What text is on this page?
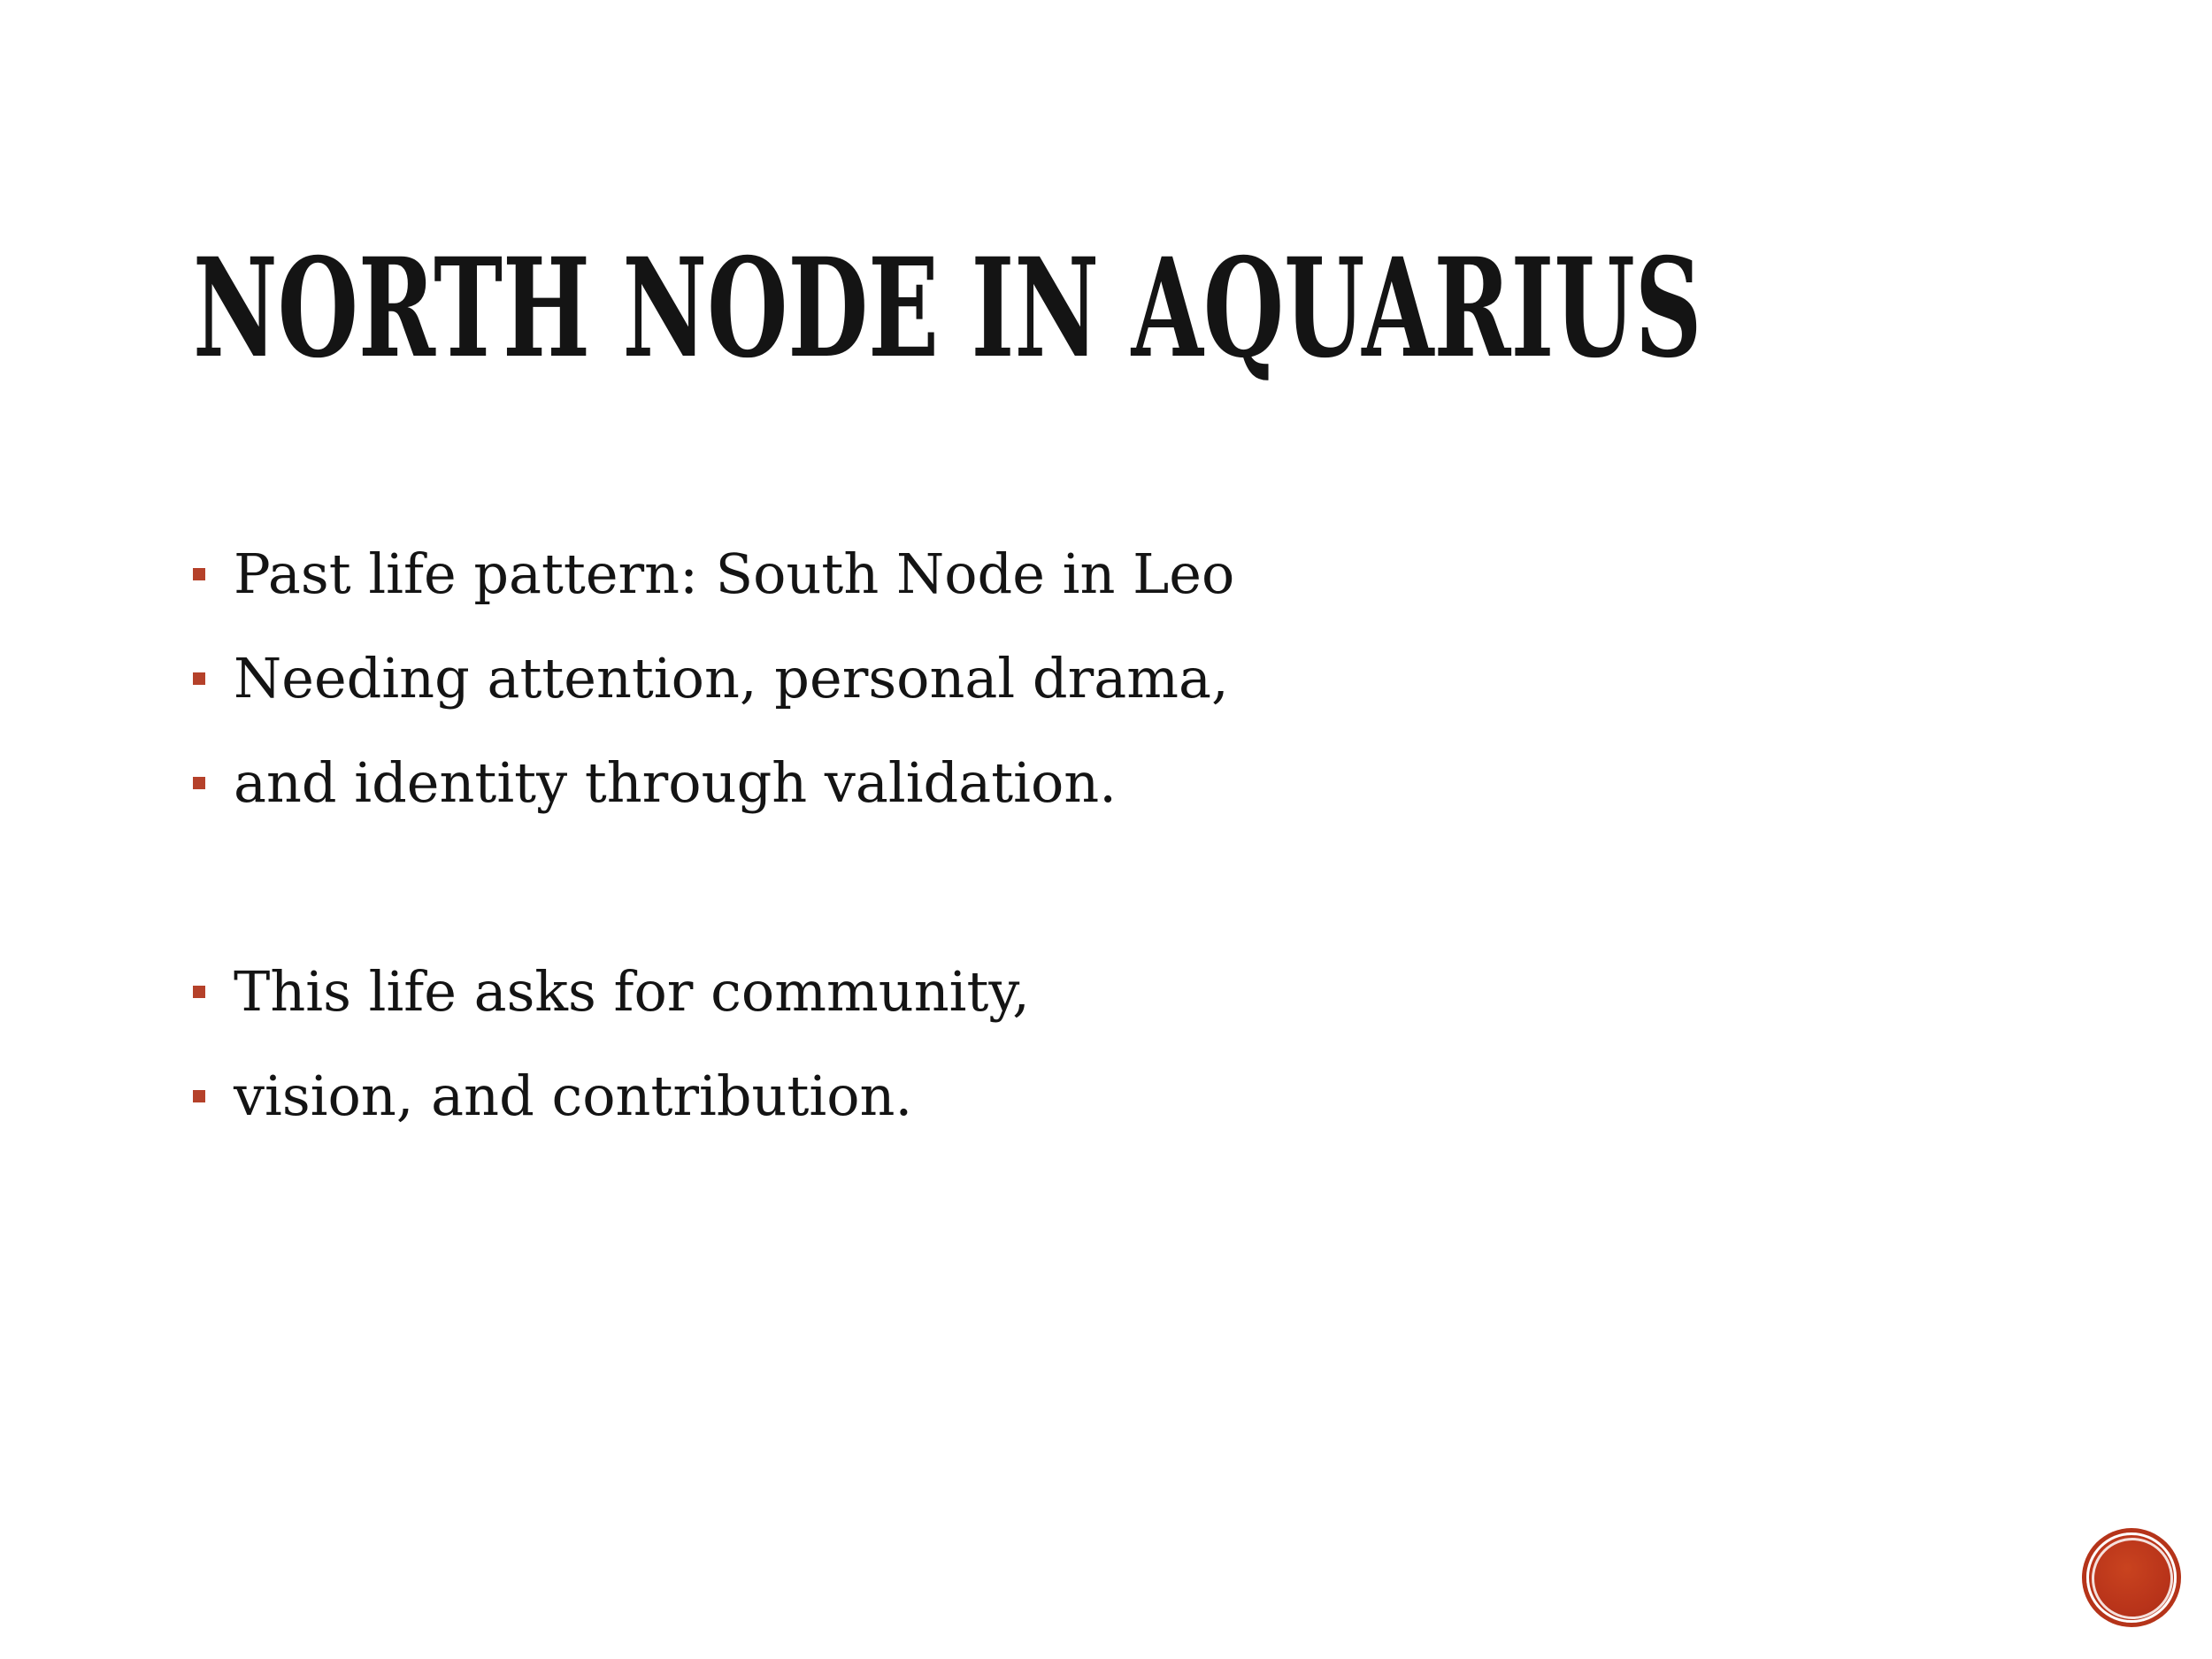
NORTH NODE IN AQUARIUS
Past life pattern: South Node in Leo
Needing attention, personal drama,
and identity through validation.
This life asks for community,
vision, and contribution.
